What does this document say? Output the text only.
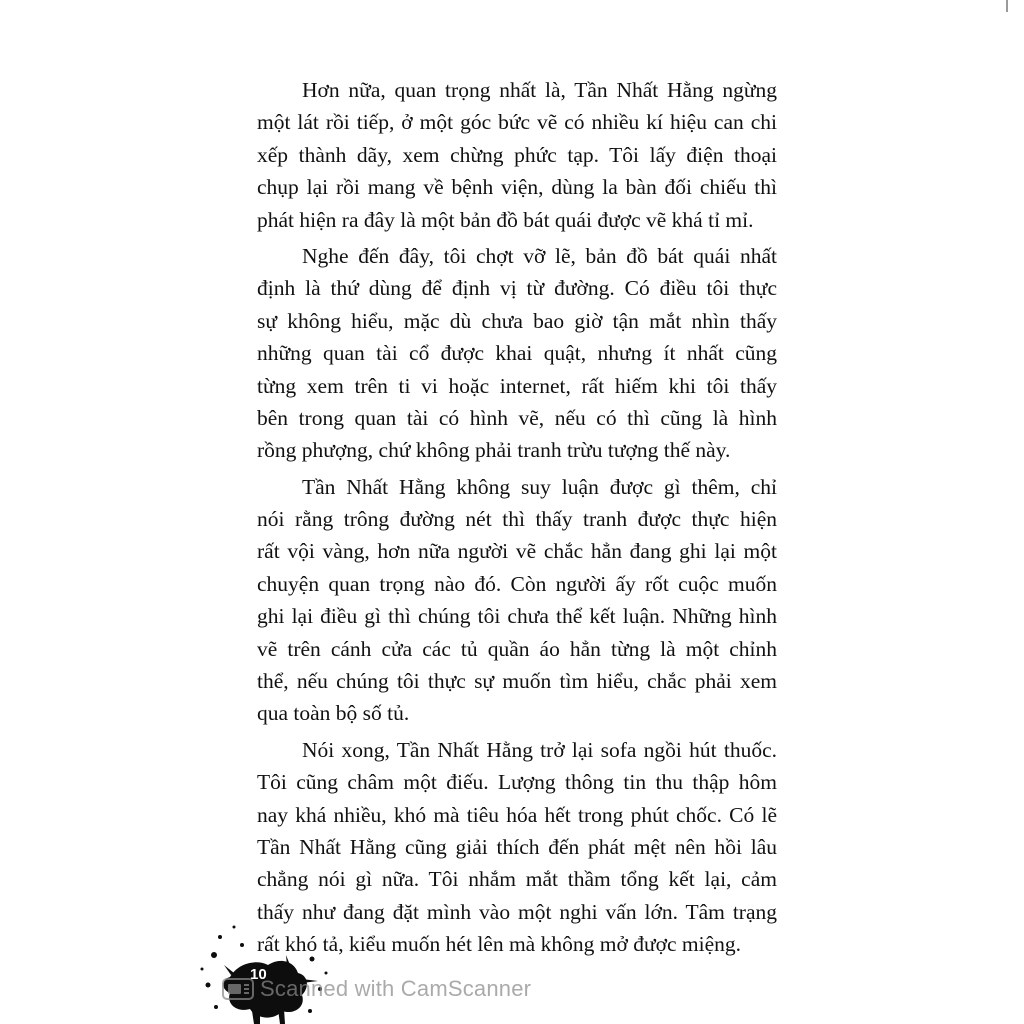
Hơn nữa, quan trọng nhất là, Tần Nhất Hằng ngừng
một lát rồi tiếp, ở một góc bức vẽ có nhiều kí hiệu can chi
xếp thành dãy, xem chừng phức tạp. Tôi lấy điện thoại
chụp lại rồi mang về bệnh viện, dùng la bàn đối chiếu thì
phát hiện ra đây là một bản đồ bát quái được vẽ khá tỉ mỉ.
Nghe đến đây, tôi chợt vỡ lẽ, bản đồ bát quái nhất
định là thứ dùng để định vị từ đường. Có điều tôi thực
sự không hiểu, mặc dù chưa bao giờ tận mắt nhìn thấy
những quan tài cổ được khai quật, nhưng ít nhất cũng
từng xem trên ti vi hoặc internet, rất hiếm khi tôi thấy
bên trong quan tài có hình vẽ, nếu có thì cũng là hình
rồng phượng, chứ không phải tranh trừu tượng thế này.
Tần Nhất Hằng không suy luận được gì thêm, chỉ
nói rằng trông đường nét thì thấy tranh được thực hiện
rất vội vàng, hơn nữa người vẽ chắc hẳn đang ghi lại một
chuyện quan trọng nào đó. Còn người ấy rốt cuộc muốn
ghi lại điều gì thì chúng tôi chưa thể kết luận. Những hình
vẽ trên cánh cửa các tủ quần áo hẳn từng là một chỉnh
thể, nếu chúng tôi thực sự muốn tìm hiểu, chắc phải xem
qua toàn bộ số tủ.
Nói xong, Tần Nhất Hằng trở lại sofa ngồi hút thuốc.
Tôi cũng châm một điếu. Lượng thông tin thu thập hôm
nay khá nhiều, khó mà tiêu hóa hết trong phút chốc. Có lẽ
Tần Nhất Hằng cũng giải thích đến phát mệt nên hồi lâu
chẳng nói gì nữa. Tôi nhắm mắt thầm tổng kết lại, cảm
thấy như đang đặt mình vào một nghi vấn lớn. Tâm trạng
rất khó tả, kiểu muốn hét lên mà không mở được miệng.
10
Scanned with CamScanner
